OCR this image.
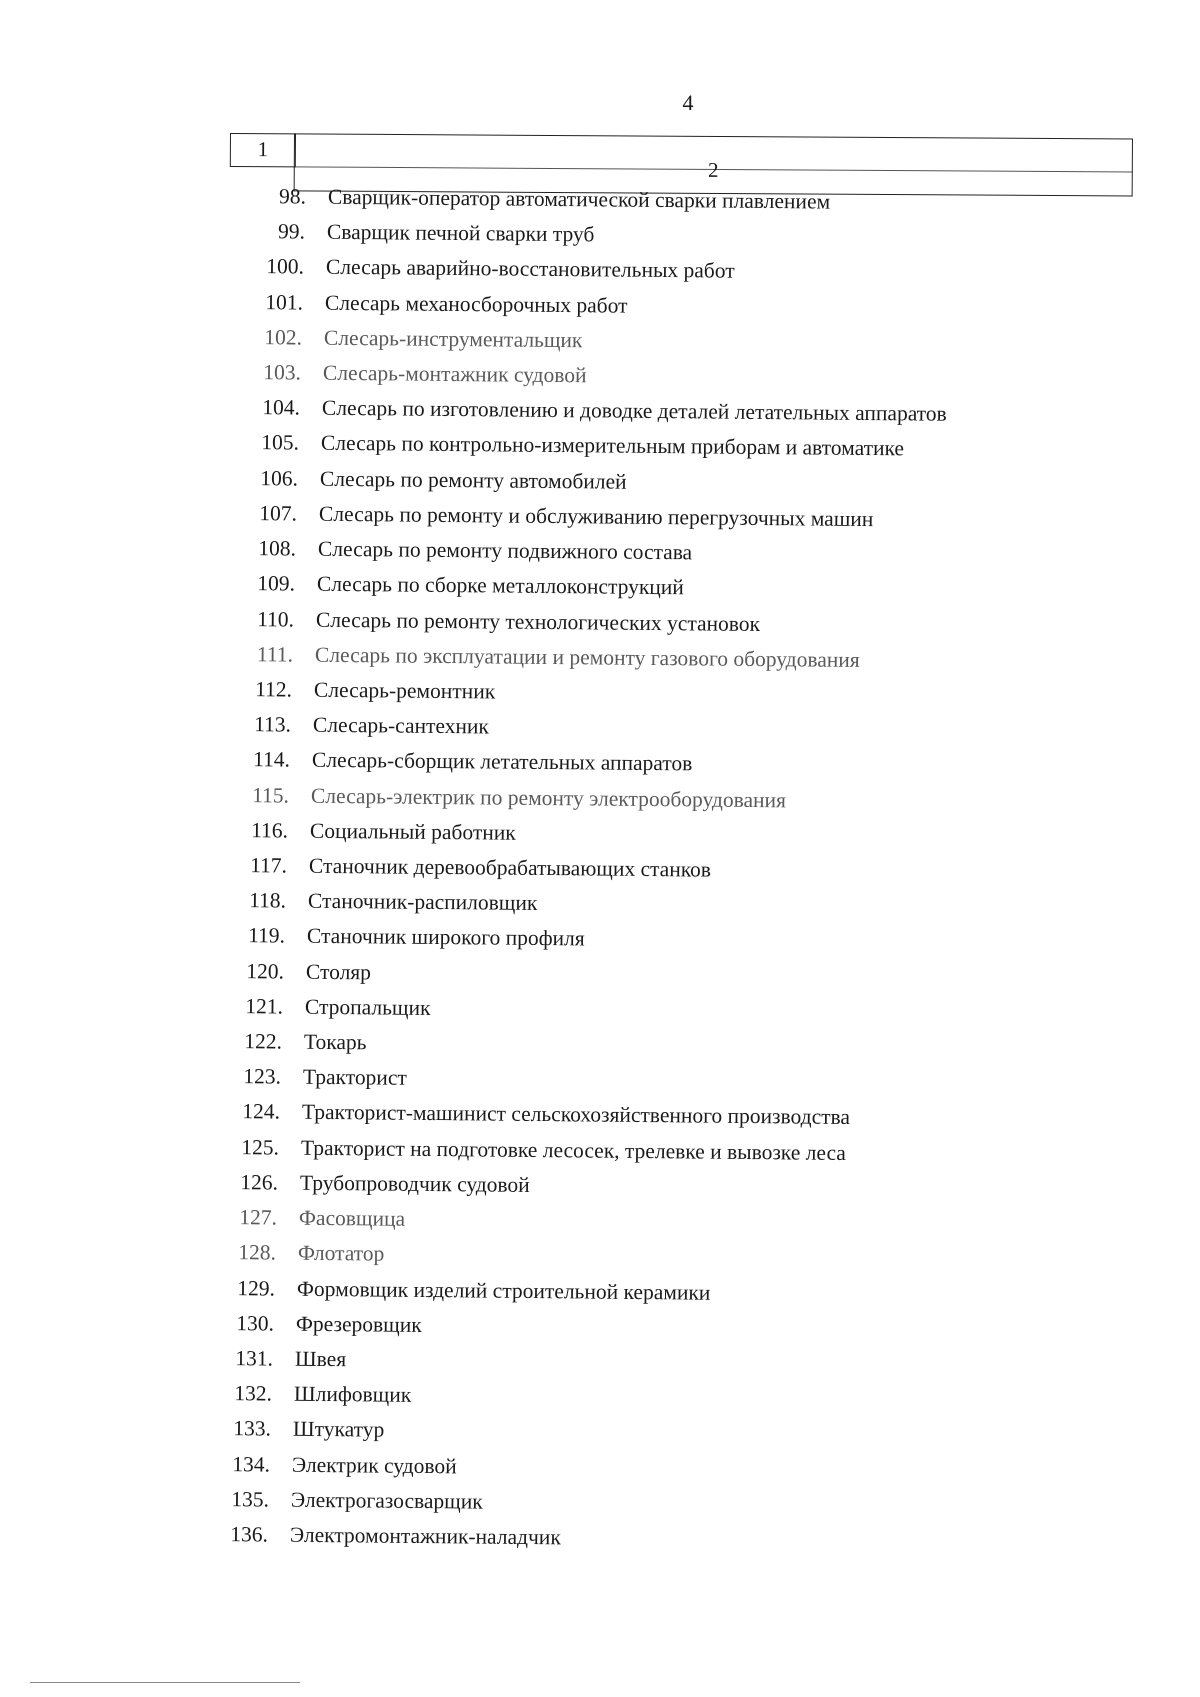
4
1
2
98. Сварщик-оператор автоматической сварки плавлением
99. Сварщик печной сварки труб
100. Слесарь аварийно-восстановительных работ
101. Слесарь механосборочных работ
102. Слесарь-инструментальщик
103. Слесарь-монтажник судовой
104. Слесарь по изготовлению и доводке деталей летательных аппаратов
105. Слесарь по контрольно-измерительным приборам и автоматике
106. Слесарь по ремонту автомобилей
107. Слесарь по ремонту и обслуживанию перегрузочных машин
108. Слесарь по ремонту подвижного состава
109. Слесарь по сборке металлоконструкций
110. Слесарь по ремонту технологических установок
111. Слесарь по эксплуатации и ремонту газового оборудования
112. Слесарь-ремонтник
113. Слесарь-сантехник
114. Слесарь-сборщик летательных аппаратов
115. Слесарь-электрик по ремонту электрооборудования
116. Социальный работник
117. Станочник деревообрабатывающих станков
118. Станочник-распиловщик
119. Станочник широкого профиля
120. Столяр
121. Стропальщик
122. Токарь
123. Тракторист
124. Тракторист-машинист сельскохозяйственного производства
125. Тракторист на подготовке лесосек, трелевке и вывозке леса
126. Трубопроводчик судовой
127. Фасовщица
128. Флотатор
129. Формовщик изделий строительной керамики
130. Фрезеровщик
131. Швея
132. Шлифовщик
133. Штукатур
134. Электрик судовой
135. Электрогазосварщик
136. Электромонтажник-наладчик
